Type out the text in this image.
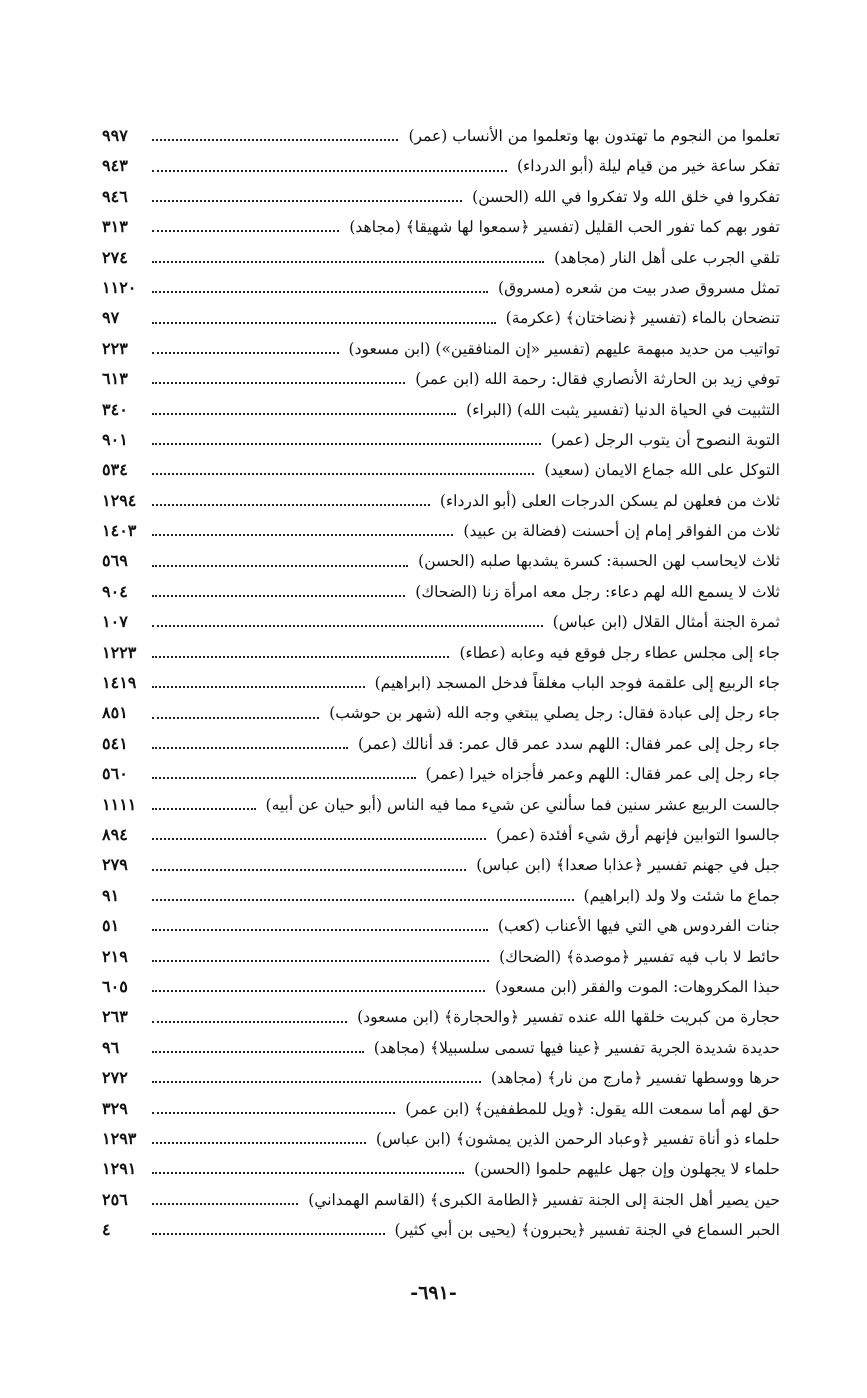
تعلموا من النجوم ما تهتدون بها وتعلموا من الأنساب (عمر)
٩٩٧
تفكر ساعة خير من قيام ليلة (أبو الدرداء)
٩٤٣
تفكروا في خلق الله ولا تفكروا في الله (الحسن)
٩٤٦
تفور بهم كما تفور الحب القليل (تفسير ﴿سمعوا لها شهيقا﴾ (مجاهد)
٣١٣
تلقي الجرب على أهل النار (مجاهد)
٢٧٤
تمثل مسروق صدر بيت من شعره (مسروق)
١١٢٠
تنضحان بالماء (تفسير ﴿نضاختان﴾ (عكرمة)
٩٧
تواتيب من حديد مبهمة عليهم (تفسير «إن المنافقين») (ابن مسعود)
٢٢٣
توفي زيد بن الحارثة الأنصاري فقال: رحمة الله (ابن عمر)
٦١٣
التثبيت في الحياة الدنيا (تفسير يثبت الله) (البراء)
٣٤٠
التوبة النصوح أن يتوب الرجل (عمر)
٩٠١
التوكل على الله جماع الايمان (سعيد)
٥٣٤
ثلاث من فعلهن لم يسكن الدرجات العلى (أبو الدرداء)
١٢٩٤
ثلاث من الفواقر إمام إن أحسنت (فضالة بن عبيد)
١٤٠٣
ثلاث لايحاسب لهن الحسبة: كسرة يشدبها صلبه (الحسن)
٥٦٩
ثلاث لا يسمع الله لهم دعاء: رجل معه امرأة زنا (الضحاك)
٩٠٤
ثمرة الجنة أمثال القلال (ابن عباس)
١٠٧
جاء إلى مجلس عطاء رجل فوقع فيه وعابه (عطاء)
١٢٢٣
جاء الربيع إلى علقمة فوجد الباب مغلقاً فدخل المسجد (ابراهيم)
١٤١٩
جاء رجل إلى عبادة فقال: رجل يصلي يبتغي وجه الله (شهر بن حوشب)
٨٥١
جاء رجل إلى عمر فقال: اللهم سدد عمر قال عمر: قد أنالك (عمر)
٥٤١
جاء رجل إلى عمر فقال: اللهم وعمر فأجزاه خيرا (عمر)
٥٦٠
جالست الربيع عشر سنين فما سألني عن شيء مما فيه الناس (أبو حيان عن أبيه)
١١١١
جالسوا التوابين فإنهم أرق شيء أفئدة (عمر)
٨٩٤
جبل في جهنم تفسير ﴿عذابا صعدا﴾ (ابن عباس)
٢٧٩
جماع ما شئت ولا ولد (ابراهيم)
٩١
جنات الفردوس هي التي فيها الأعناب (كعب)
٥١
حائط لا باب فيه تفسير ﴿موصدة﴾ (الضحاك)
٢١٩
حبذا المكروهات: الموت والفقر (ابن مسعود)
٦٠٥
حجارة من كبريت خلقها الله عنده تفسير ﴿والحجارة﴾ (ابن مسعود)
٢٦٣
حديدة شديدة الجرية تفسير ﴿عينا فيها تسمى سلسبيلا﴾ (مجاهد)
٩٦
حرها ووسطها تفسير ﴿مارج من نار﴾ (مجاهد)
٢٧٢
حق لهم أما سمعت الله يقول: ﴿ويل للمطففين﴾ (ابن عمر)
٣٢٩
حلماء ذو أناة تفسير ﴿وعباد الرحمن الذين يمشون﴾ (ابن عباس)
١٢٩٣
حلماء لا يجهلون وإن جهل عليهم حلموا (الحسن)
١٢٩١
حين يصير أهل الجنة إلى الجنة تفسير ﴿الطامة الكبرى﴾ (القاسم الهمداني)
٢٥٦
الحبر السماع في الجنة تفسير ﴿يحبرون﴾ (يحيى بن أبي كثير)
٤
-٦٩١-
